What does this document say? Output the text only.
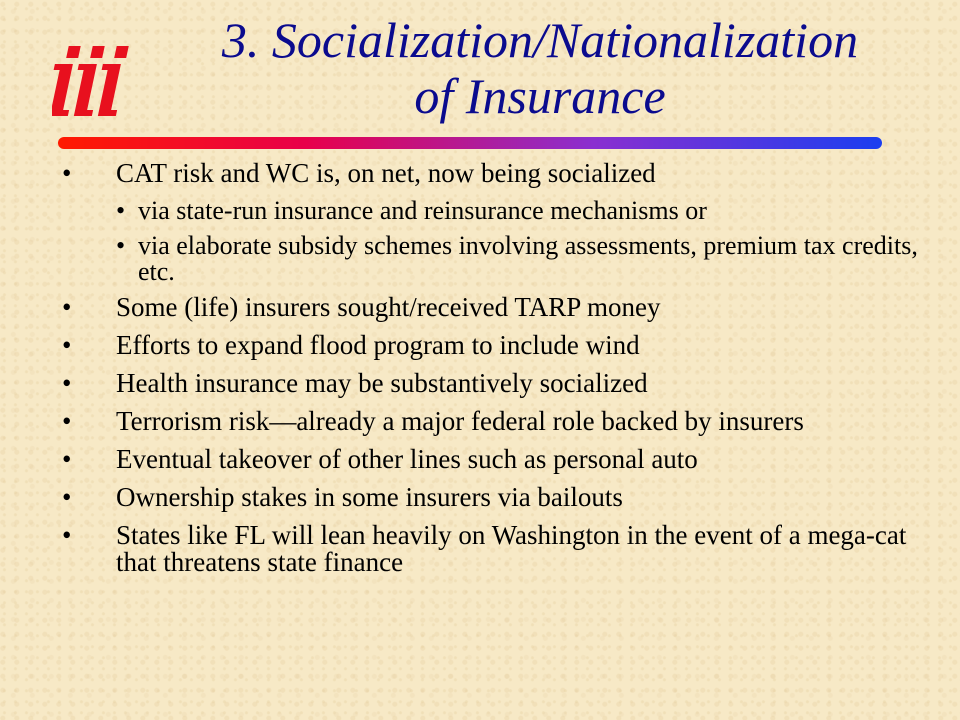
3. Socialization/Nationalization
of Insurance
• CAT risk and WC is, on net, now being socialized
• via state-run insurance and reinsurance mechanisms or
• via elaborate subsidy schemes involving assessments, premium tax credits, etc.
• Some (life) insurers sought/received TARP money
• Efforts to expand flood program to include wind
• Health insurance may be substantively socialized
• Terrorism risk—already a major federal role backed by insurers
• Eventual takeover of other lines such as personal auto
• Ownership stakes in some insurers via bailouts
• States like FL will lean heavily on Washington in the event of a mega-cat that threatens state finance
